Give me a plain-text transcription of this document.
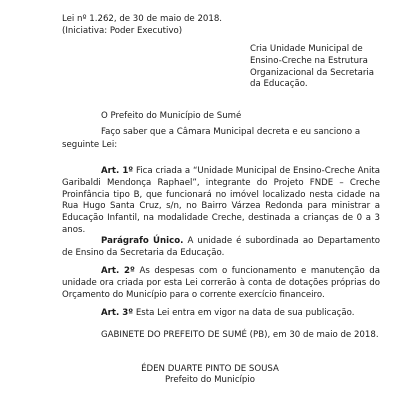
Lei nº 1.262, de 30 de maio de 2018.
(Iniciativa: Poder Executivo)
Cria Unidade Municipal de
Ensino-Creche na Estrutura
Organizacional da Secretaria
da Educação.
O Prefeito do Município de Sumé
Faço saber que a Câmara Municipal decreta e eu sanciono a
seguinte Lei:
Art. 1º Fica criada a “Unidade Municipal de Ensino-Creche Anita
Garibaldi Mendonça Raphael”, integrante do Projeto FNDE – Creche
Proinfância tipo B, que funcionará no imóvel localizado nesta cidade na
Rua Hugo Santa Cruz, s/n, no Bairro Várzea Redonda para ministrar a
Educação Infantil, na modalidade Creche, destinada a crianças de 0 a 3
anos.
Parágrafo Único. A unidade é subordinada ao Departamento
de Ensino da Secretaria da Educação.
Art. 2º As despesas com o funcionamento e manutenção da
unidade ora criada por esta Lei correrão à conta de dotações próprias do
Orçamento do Município para o corrente exercício financeiro.
Art. 3º Esta Lei entra em vigor na data de sua publicação.
GABINETE DO PREFEITO DE SUMÉ (PB), em 30 de maio de 2018.
ÉDEN DUARTE PINTO DE SOUSA
Prefeito do Município
